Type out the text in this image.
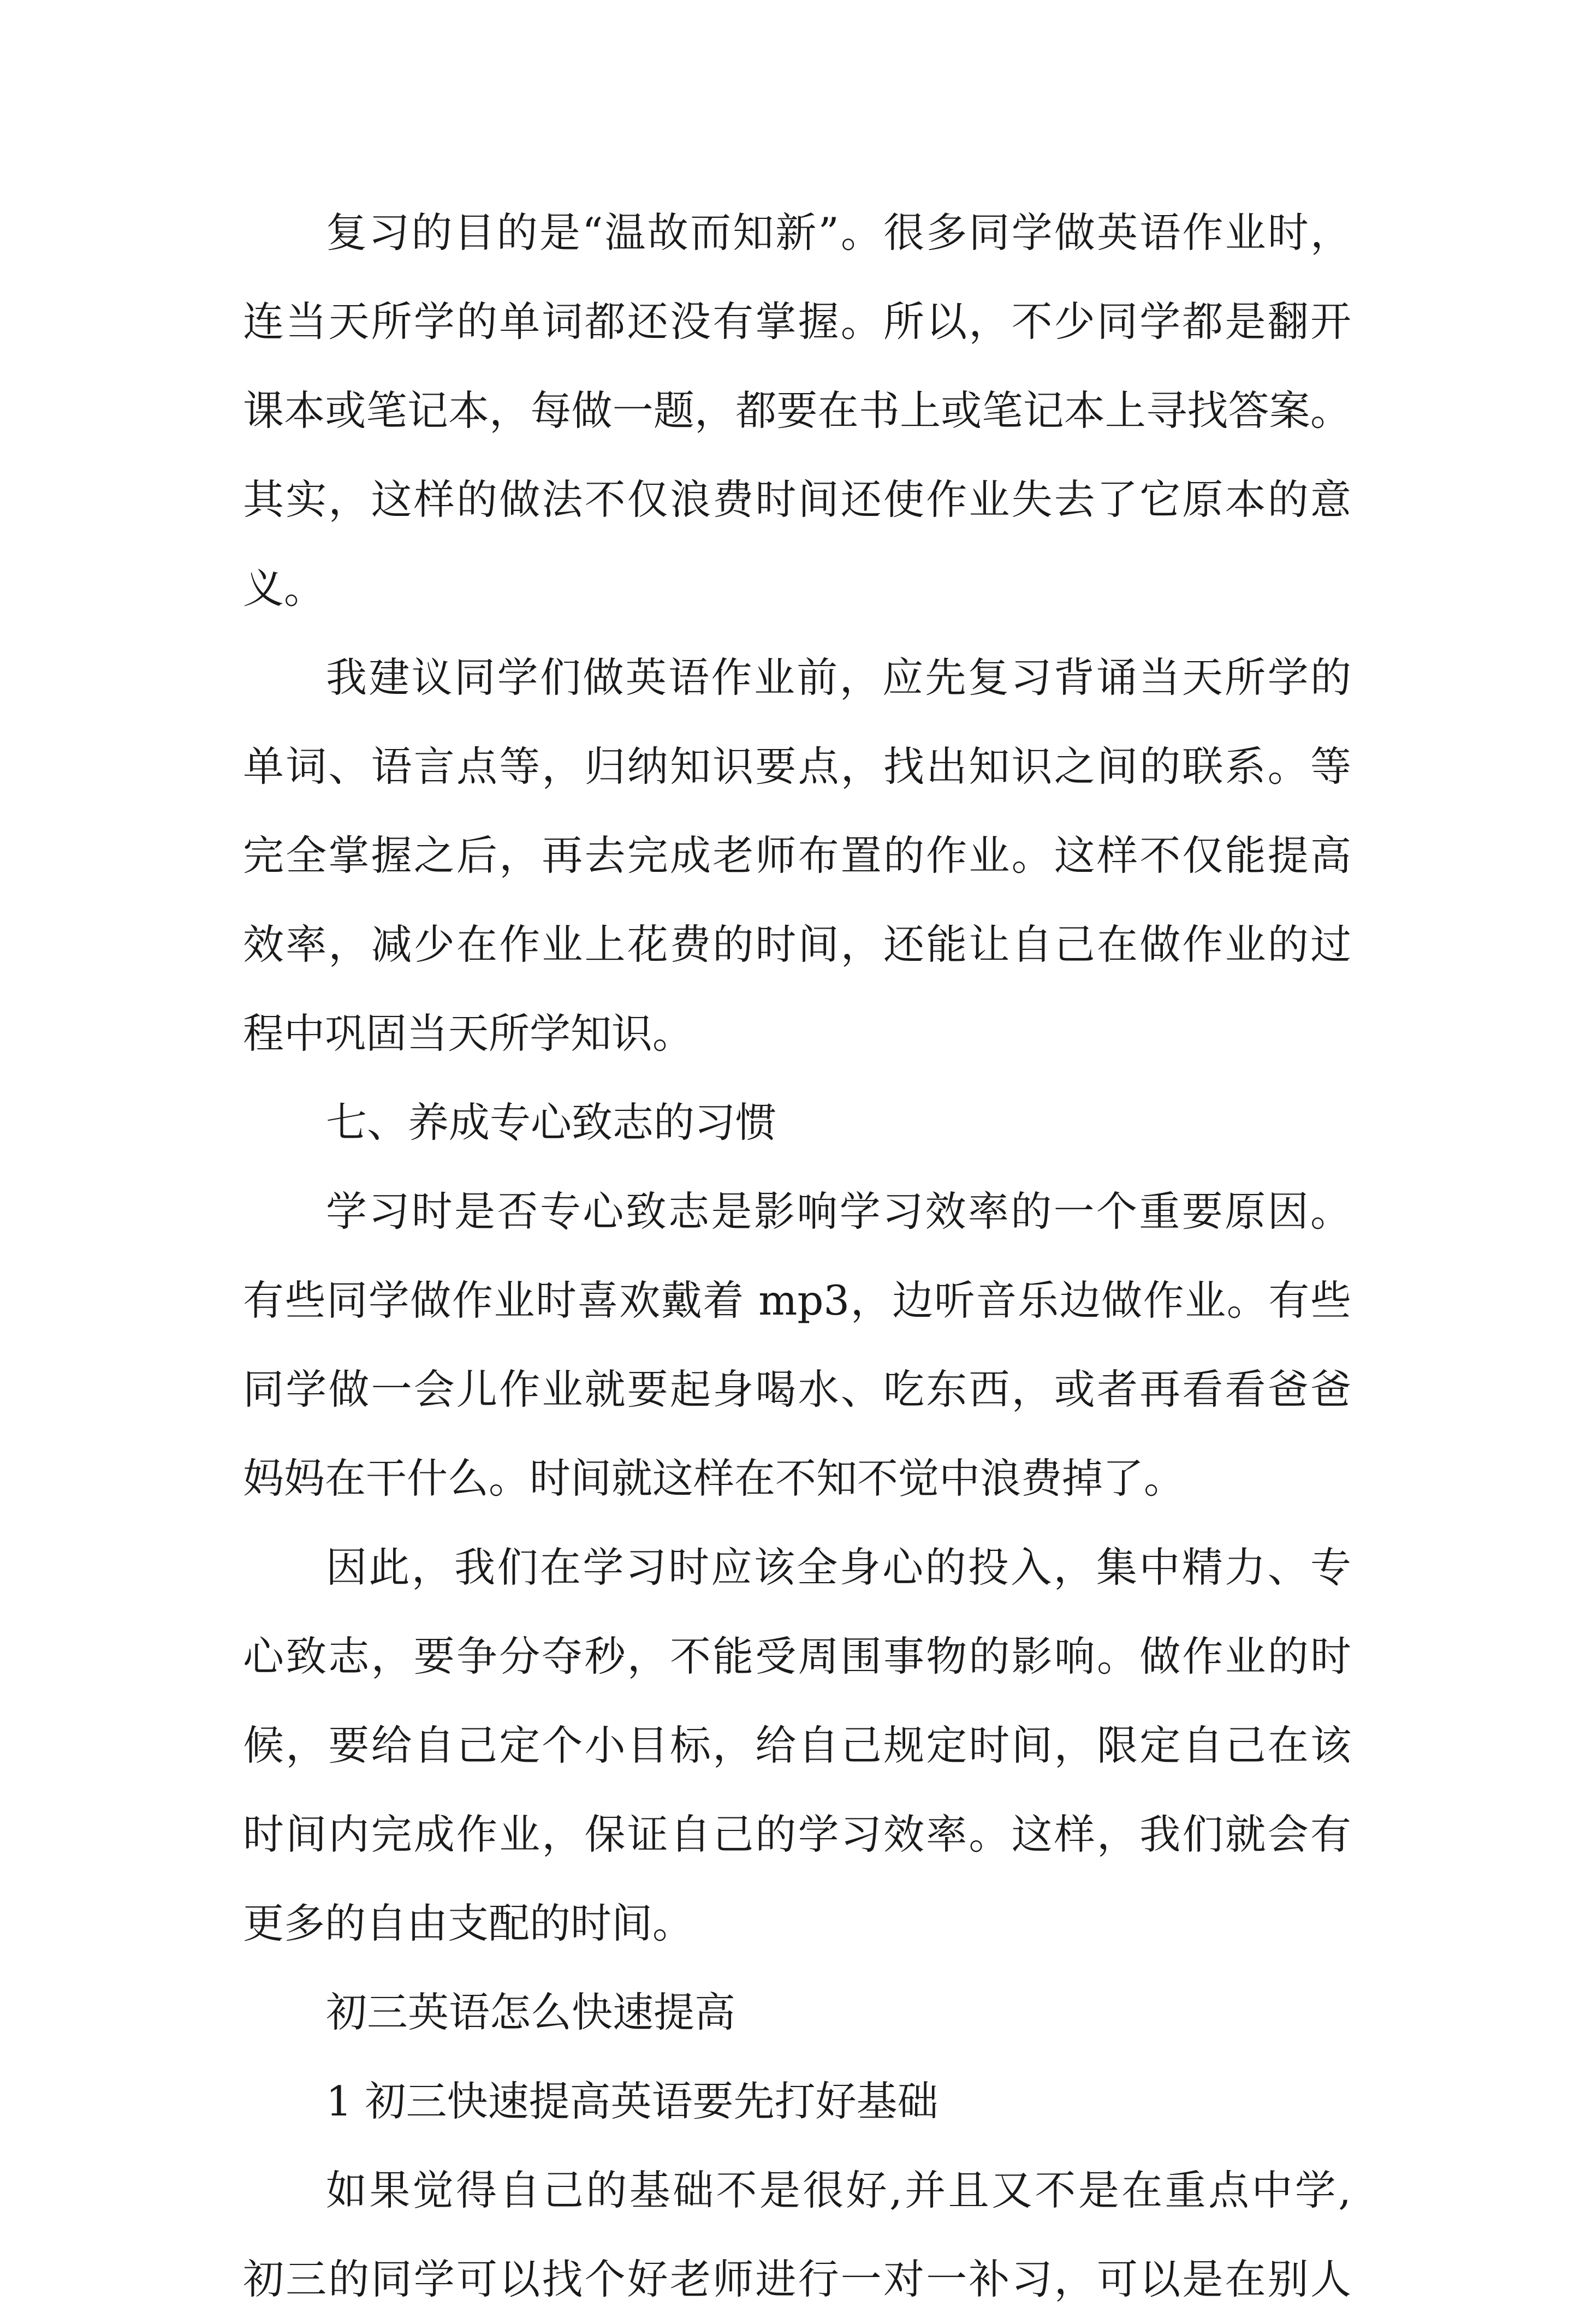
复习的目的是“温故而知新”。很多同学做英语作业时，
连当天所学的单词都还没有掌握。所以，不少同学都是翻开
课本或笔记本，每做一题，都要在书上或笔记本上寻找答案。
其实，这样的做法不仅浪费时间还使作业失去了它原本的意
义。
我建议同学们做英语作业前，应先复习背诵当天所学的
单词、语言点等，归纳知识要点，找出知识之间的联系。等
完全掌握之后，再去完成老师布置的作业。这样不仅能提高
效率，减少在作业上花费的时间，还能让自己在做作业的过
程中巩固当天所学知识。
七、养成专心致志的习惯
学习时是否专心致志是影响学习效率的一个重要原因。
有些同学做作业时喜欢戴着 mp3，边听音乐边做作业。有些
同学做一会儿作业就要起身喝水、吃东西，或者再看看爸爸
妈妈在干什么。时间就这样在不知不觉中浪费掉了。
因此，我们在学习时应该全身心的投入，集中精力、专
心致志，要争分夺秒，不能受周围事物的影响。做作业的时
候，要给自己定个小目标，给自己规定时间，限定自己在该
时间内完成作业，保证自己的学习效率。这样，我们就会有
更多的自由支配的时间。
初三英语怎么快速提高
1 初三快速提高英语要先打好基础
如果觉得自己的基础不是很好,并且又不是在重点中学,
初三的同学可以找个好老师进行一对一补习，可以是在别人
